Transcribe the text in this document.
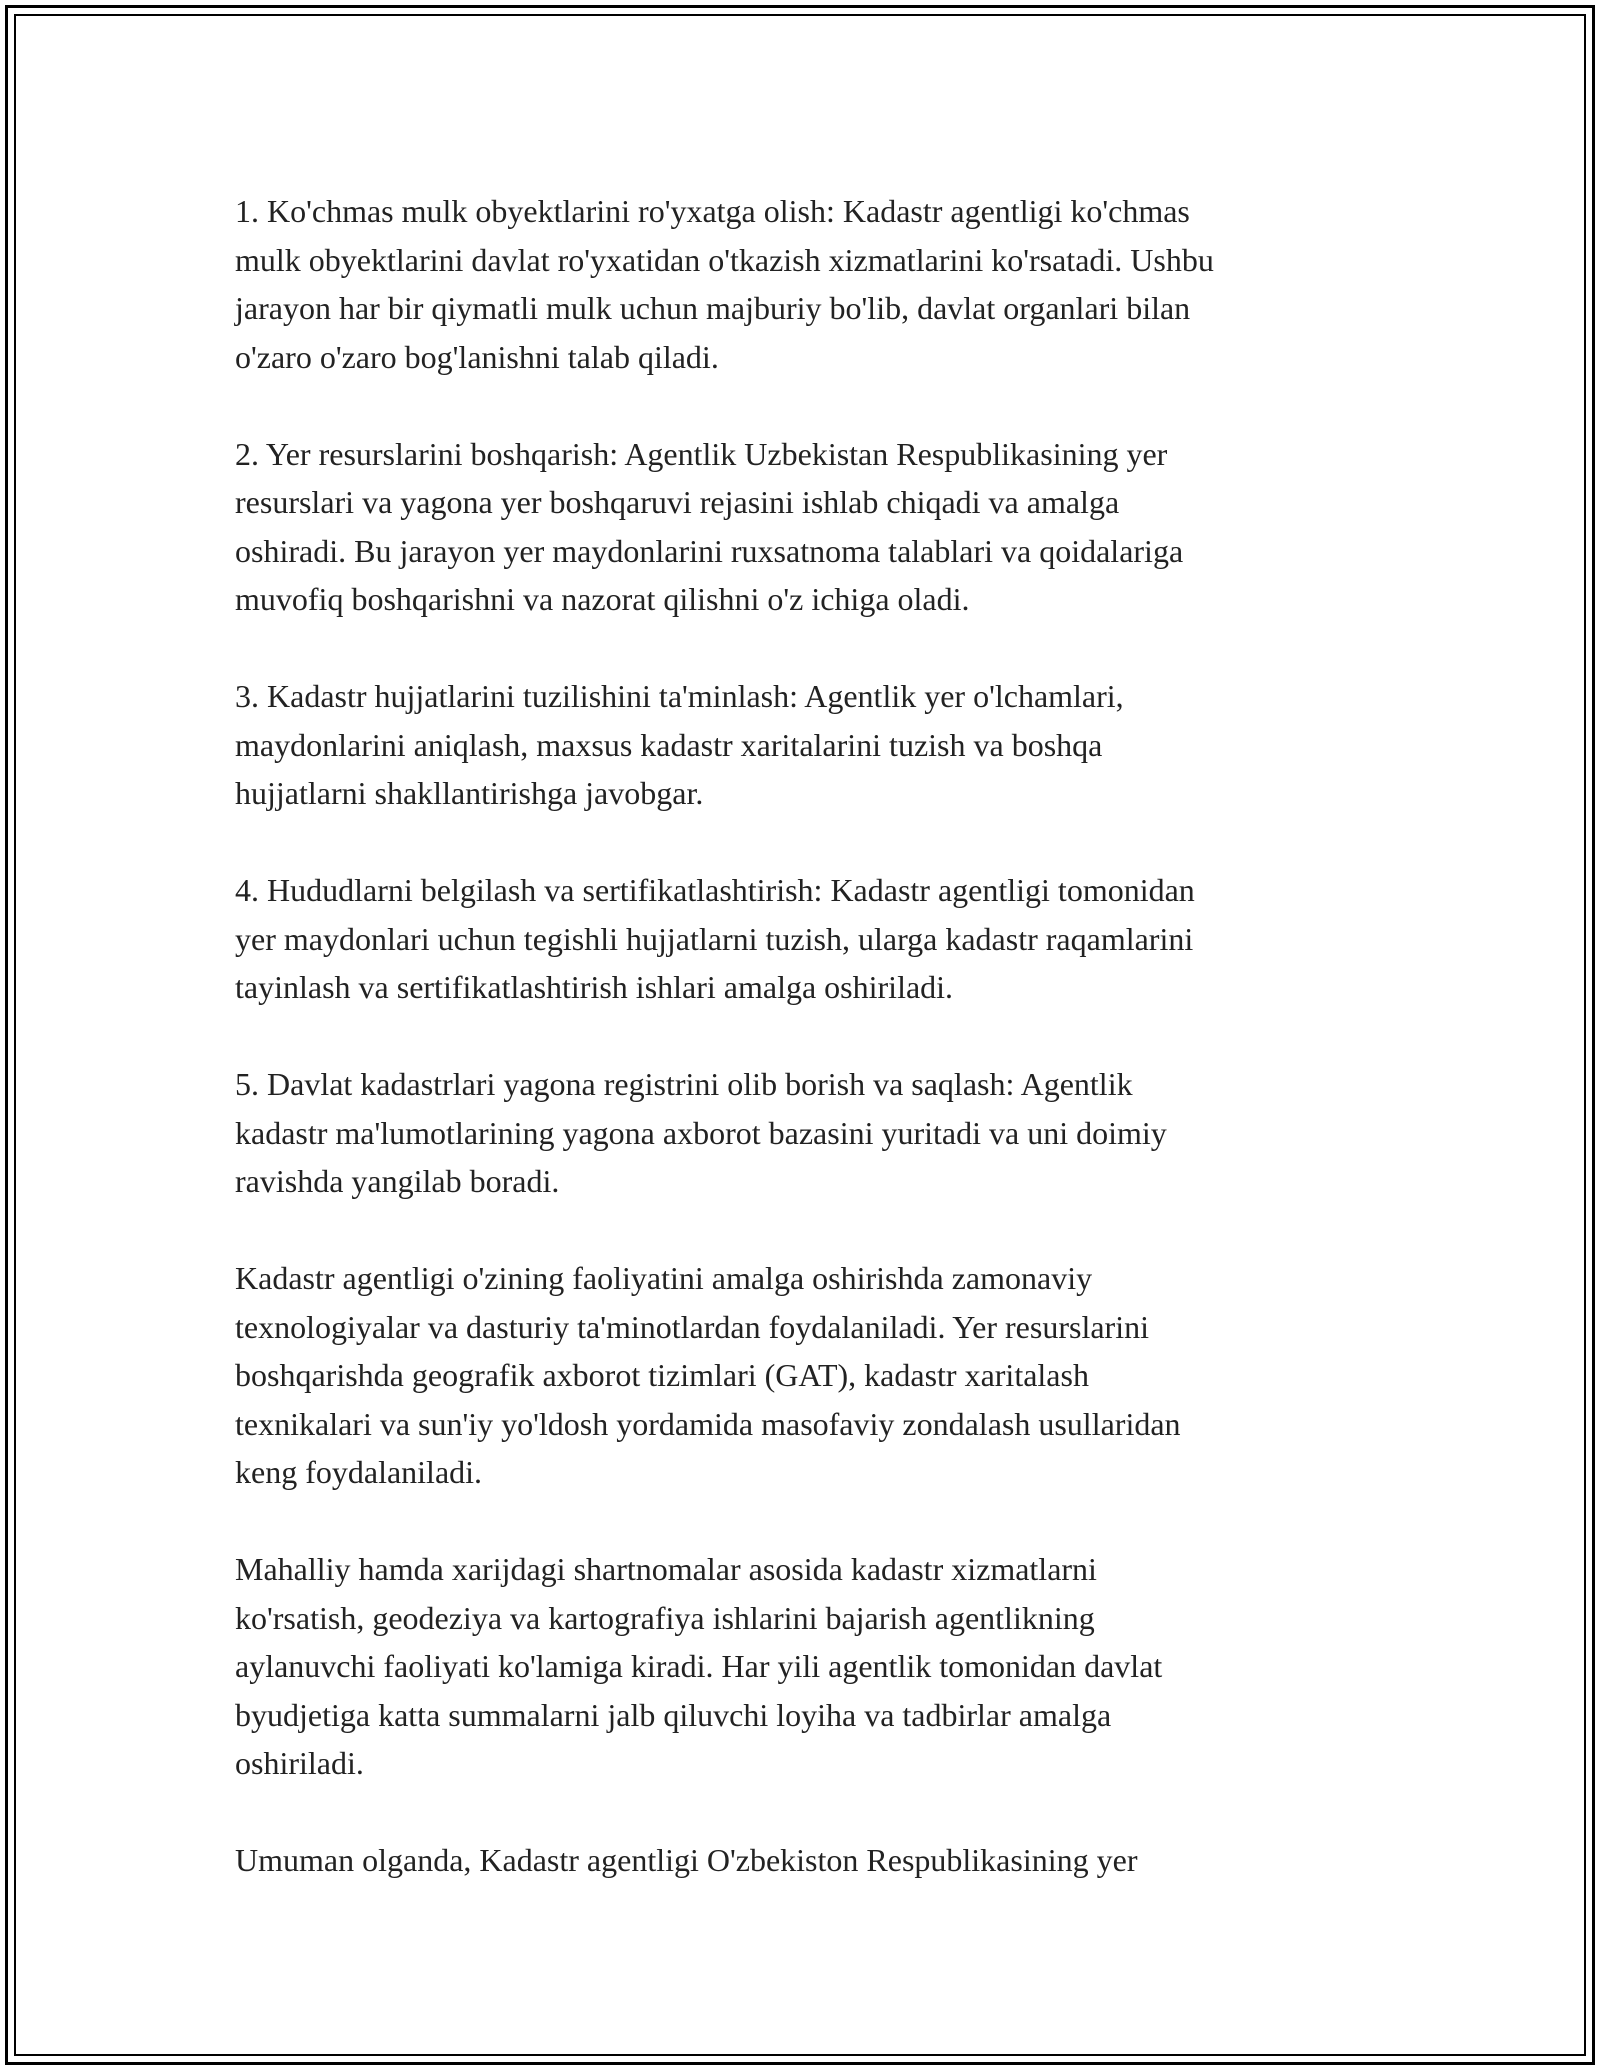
1. Ko'chmas mulk obyektlarini ro'yxatga olish: Kadastr agentligi ko'chmas
mulk obyektlarini davlat ro'yxatidan o'tkazish xizmatlarini ko'rsatadi. Ushbu
jarayon har bir qiymatli mulk uchun majburiy bo'lib, davlat organlari bilan
o'zaro o'zaro bog'lanishni talab qiladi.

2. Yer resurslarini boshqarish: Agentlik Uzbekistan Respublikasining yer
resurslari va yagona yer boshqaruvi rejasini ishlab chiqadi va amalga
oshiradi. Bu jarayon yer maydonlarini ruxsatnoma talablari va qoidalariga
muvofiq boshqarishni va nazorat qilishni o'z ichiga oladi.

3. Kadastr hujjatlarini tuzilishini ta'minlash: Agentlik yer o'lchamlari,
maydonlarini aniqlash, maxsus kadastr xaritalarini tuzish va boshqa
hujjatlarni shakllantirishga javobgar.

4. Hududlarni belgilash va sertifikatlashtirish: Kadastr agentligi tomonidan
yer maydonlari uchun tegishli hujjatlarni tuzish, ularga kadastr raqamlarini
tayinlash va sertifikatlashtirish ishlari amalga oshiriladi.

5. Davlat kadastrlari yagona registrini olib borish va saqlash: Agentlik
kadastr ma'lumotlarining yagona axborot bazasini yuritadi va uni doimiy
ravishda yangilab boradi.

Kadastr agentligi o'zining faoliyatini amalga oshirishda zamonaviy
texnologiyalar va dasturiy ta'minotlardan foydalaniladi. Yer resurslarini
boshqarishda geografik axborot tizimlari (GAT), kadastr xaritalash
texnikalari va sun'iy yo'ldosh yordamida masofaviy zondalash usullaridan
keng foydalaniladi.

Mahalliy hamda xarijdagi shartnomalar asosida kadastr xizmatlarni
ko'rsatish, geodeziya va kartografiya ishlarini bajarish agentlikning
aylanuvchi faoliyati ko'lamiga kiradi. Har yili agentlik tomonidan davlat
byudjetiga katta summalarni jalb qiluvchi loyiha va tadbirlar amalga
oshiriladi.

Umuman olganda, Kadastr agentligi O'zbekiston Respublikasining yer
